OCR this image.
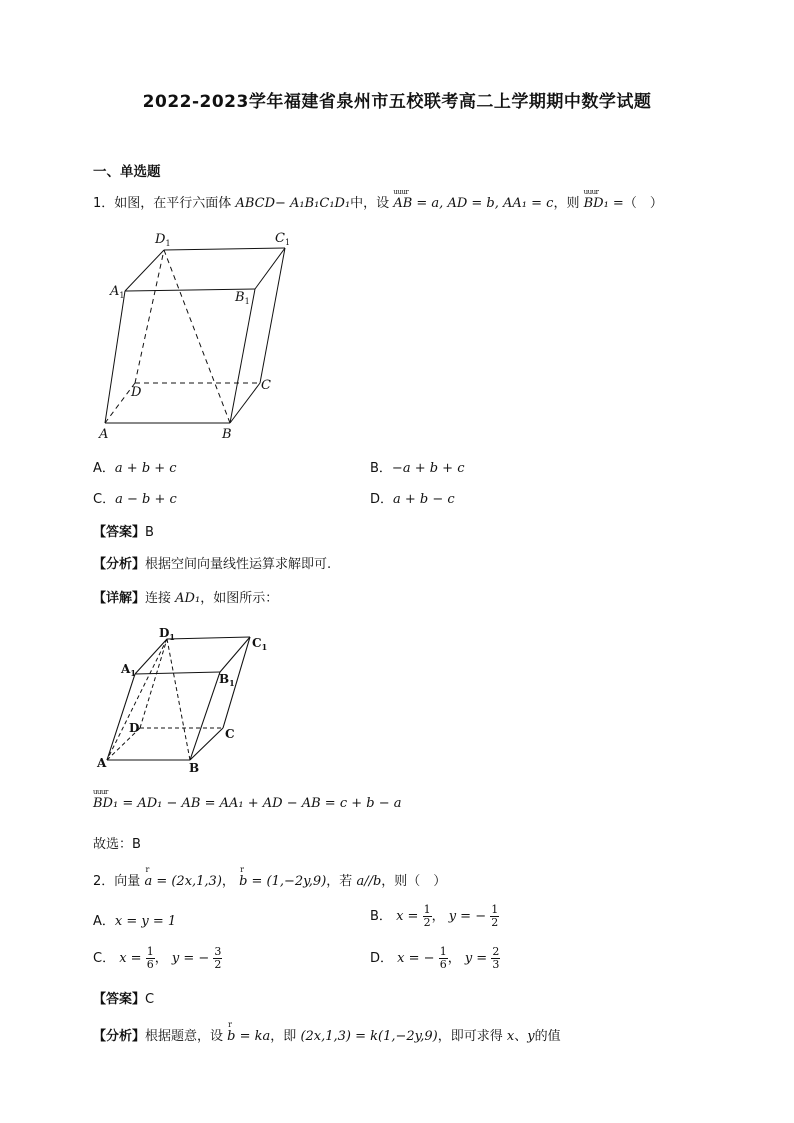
2022-2023学年福建省泉州市五校联考高二上学期期中数学试题
一、单选题
1．如图，在平行六面体 ABCD− A₁B₁C₁D₁中，设 uuur AB = a, AD = b, AA₁ = c，则 uuur BD₁ =（　）
$D_1$	$C_1$
$A_1$	$B_1$
D	C
A	B
A．a + b + c	B．−a + b + c
C．a − b + c	D．a + b − c
【答案】B
【分析】根据空间向量线性运算求解即可.
【详解】连接 AD₁，如图所示：
$D_1$	$C_1$
$A_1$	$B_1$
D	C
A	B
uuur BD₁ = AD₁ − AB = AA₁ + AD − AB = c + b − a
故选：B
2．向量 r a = (2x,1,3)， r b = (1,−2y,9)，若 a//b，则（　）
A．x = y = 1	B． $x = \frac{1}{2}$ ， y = − $\frac{1}{2}$
C． $x = \frac{1}{6}$ ， y = − $\frac{3}{2}$	D． x = − $\frac{1}{6}$ ， $y = \frac{2}{3}$
【答案】C
【分析】根据题意，设 r b = ka，即 (2x,1,3) = k(1,−2y,9)，即可求得 x、y的值
